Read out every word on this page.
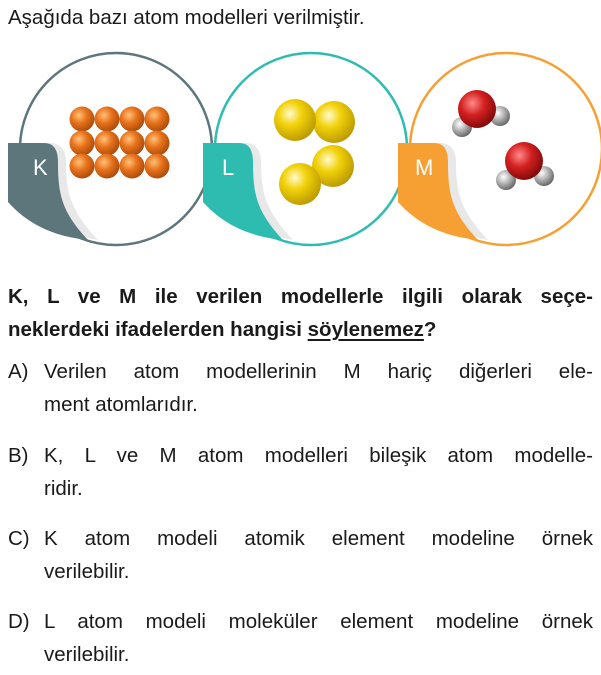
Aşağıda bazı atom modelleri verilmiştir.
K	L	M
K, L ve M ile verilen modellerle ilgili olarak seçe-
neklerdeki ifadelerden hangisi söylenemez?
A) Verilen atom modellerinin M hariç diğerleri ele-
ment atomlarıdır.
B) K, L ve M atom modelleri bileşik atom modelle-
ridir.
C) K atom modeli atomik element modeline örnek
verilebilir.
D) L atom modeli moleküler element modeline örnek
verilebilir.
